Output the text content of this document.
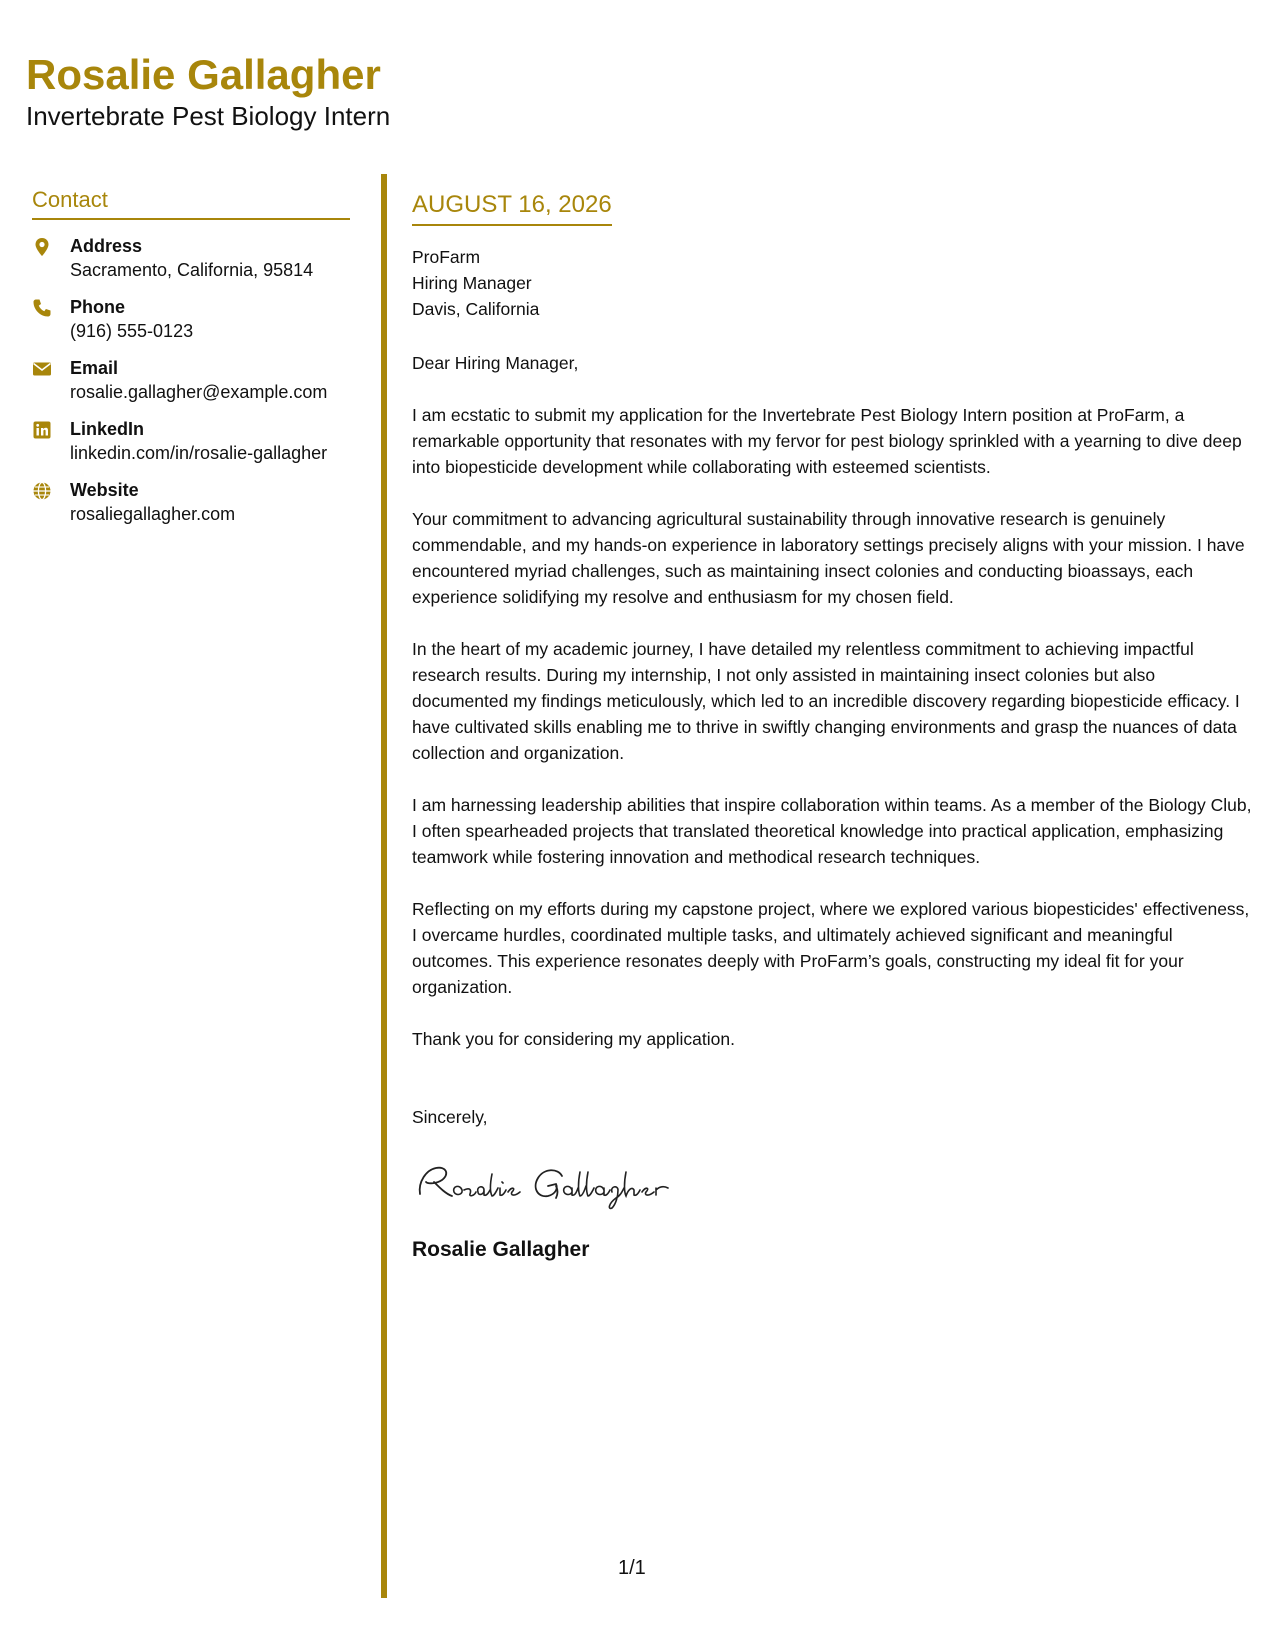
Rosalie Gallagher
Invertebrate Pest Biology Intern
Contact
Address
Sacramento, California, 95814
Phone
(916) 555-0123
Email
rosalie.gallagher@example.com
LinkedIn
linkedin.com/in/rosalie-gallagher
Website
rosaliegallagher.com
AUGUST 16, 2026
ProFarm
Hiring Manager
Davis, California
Dear Hiring Manager,

I am ecstatic to submit my application for the Invertebrate Pest Biology Intern position at ProFarm, a remarkable opportunity that resonates with my fervor for pest biology sprinkled with a yearning to dive deep into biopesticide development while collaborating with esteemed scientists.

Your commitment to advancing agricultural sustainability through innovative research is genuinely commendable, and my hands-on experience in laboratory settings precisely aligns with your mission. I have encountered myriad challenges, such as maintaining insect colonies and conducting bioassays, each experience solidifying my resolve and enthusiasm for my chosen field.

In the heart of my academic journey, I have detailed my relentless commitment to achieving impactful research results. During my internship, I not only assisted in maintaining insect colonies but also documented my findings meticulously, which led to an incredible discovery regarding biopesticide efficacy. I have cultivated skills enabling me to thrive in swiftly changing environments and grasp the nuances of data collection and organization.

I am harnessing leadership abilities that inspire collaboration within teams. As a member of the Biology Club, I often spearheaded projects that translated theoretical knowledge into practical application, emphasizing teamwork while fostering innovation and methodical research techniques.

Reflecting on my efforts during my capstone project, where we explored various biopesticides' effectiveness, I overcame hurdles, coordinated multiple tasks, and ultimately achieved significant and meaningful outcomes. This experience resonates deeply with ProFarm’s goals, constructing my ideal fit for your organization.

Thank you for considering my application.

Sincerely,
Rosalie Gallagher
1/1
